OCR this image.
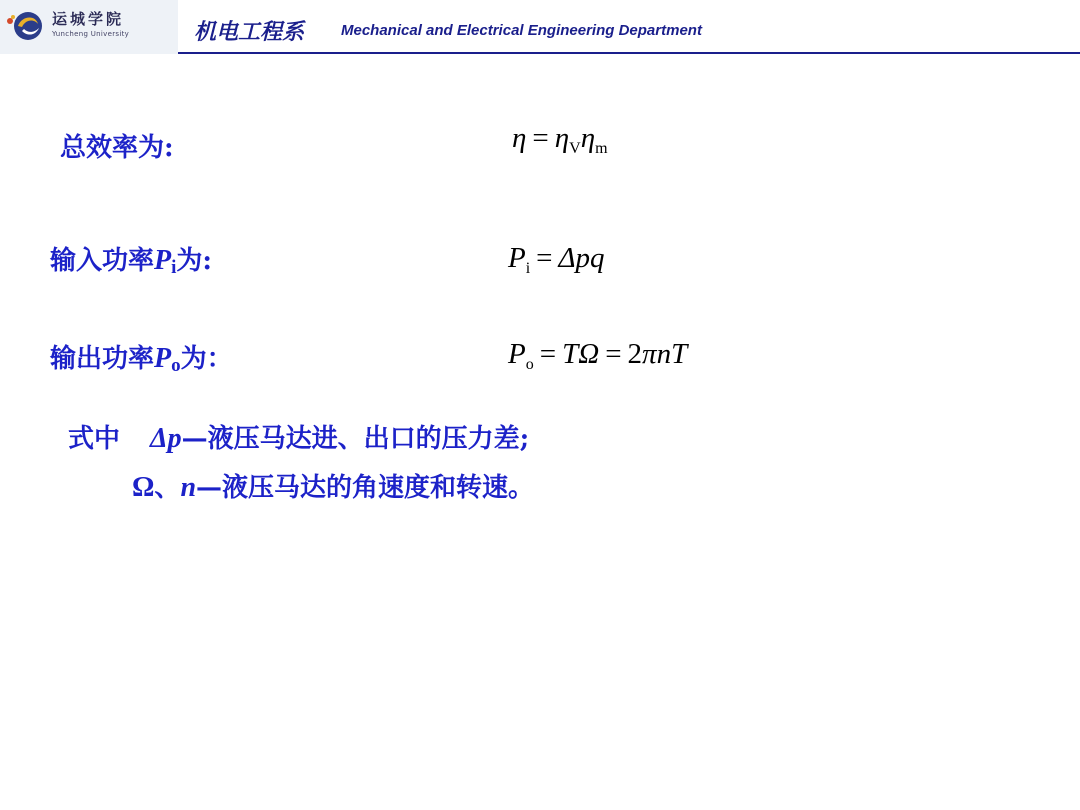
运城学院
Yuncheng University	机电工程系 Mechanical and Electrical Engineering Department
总效率为:	$\eta = \eta_V\eta_m$
输入功率$P_i$为:	$P_i = \Delta pq$
输出功率$P_o$为：	$P_o = T\Omega = 2\pi nT$
式中 Δp—液压马达进、出口的压力差;
Ω、n—液压马达的角速度和转速。
